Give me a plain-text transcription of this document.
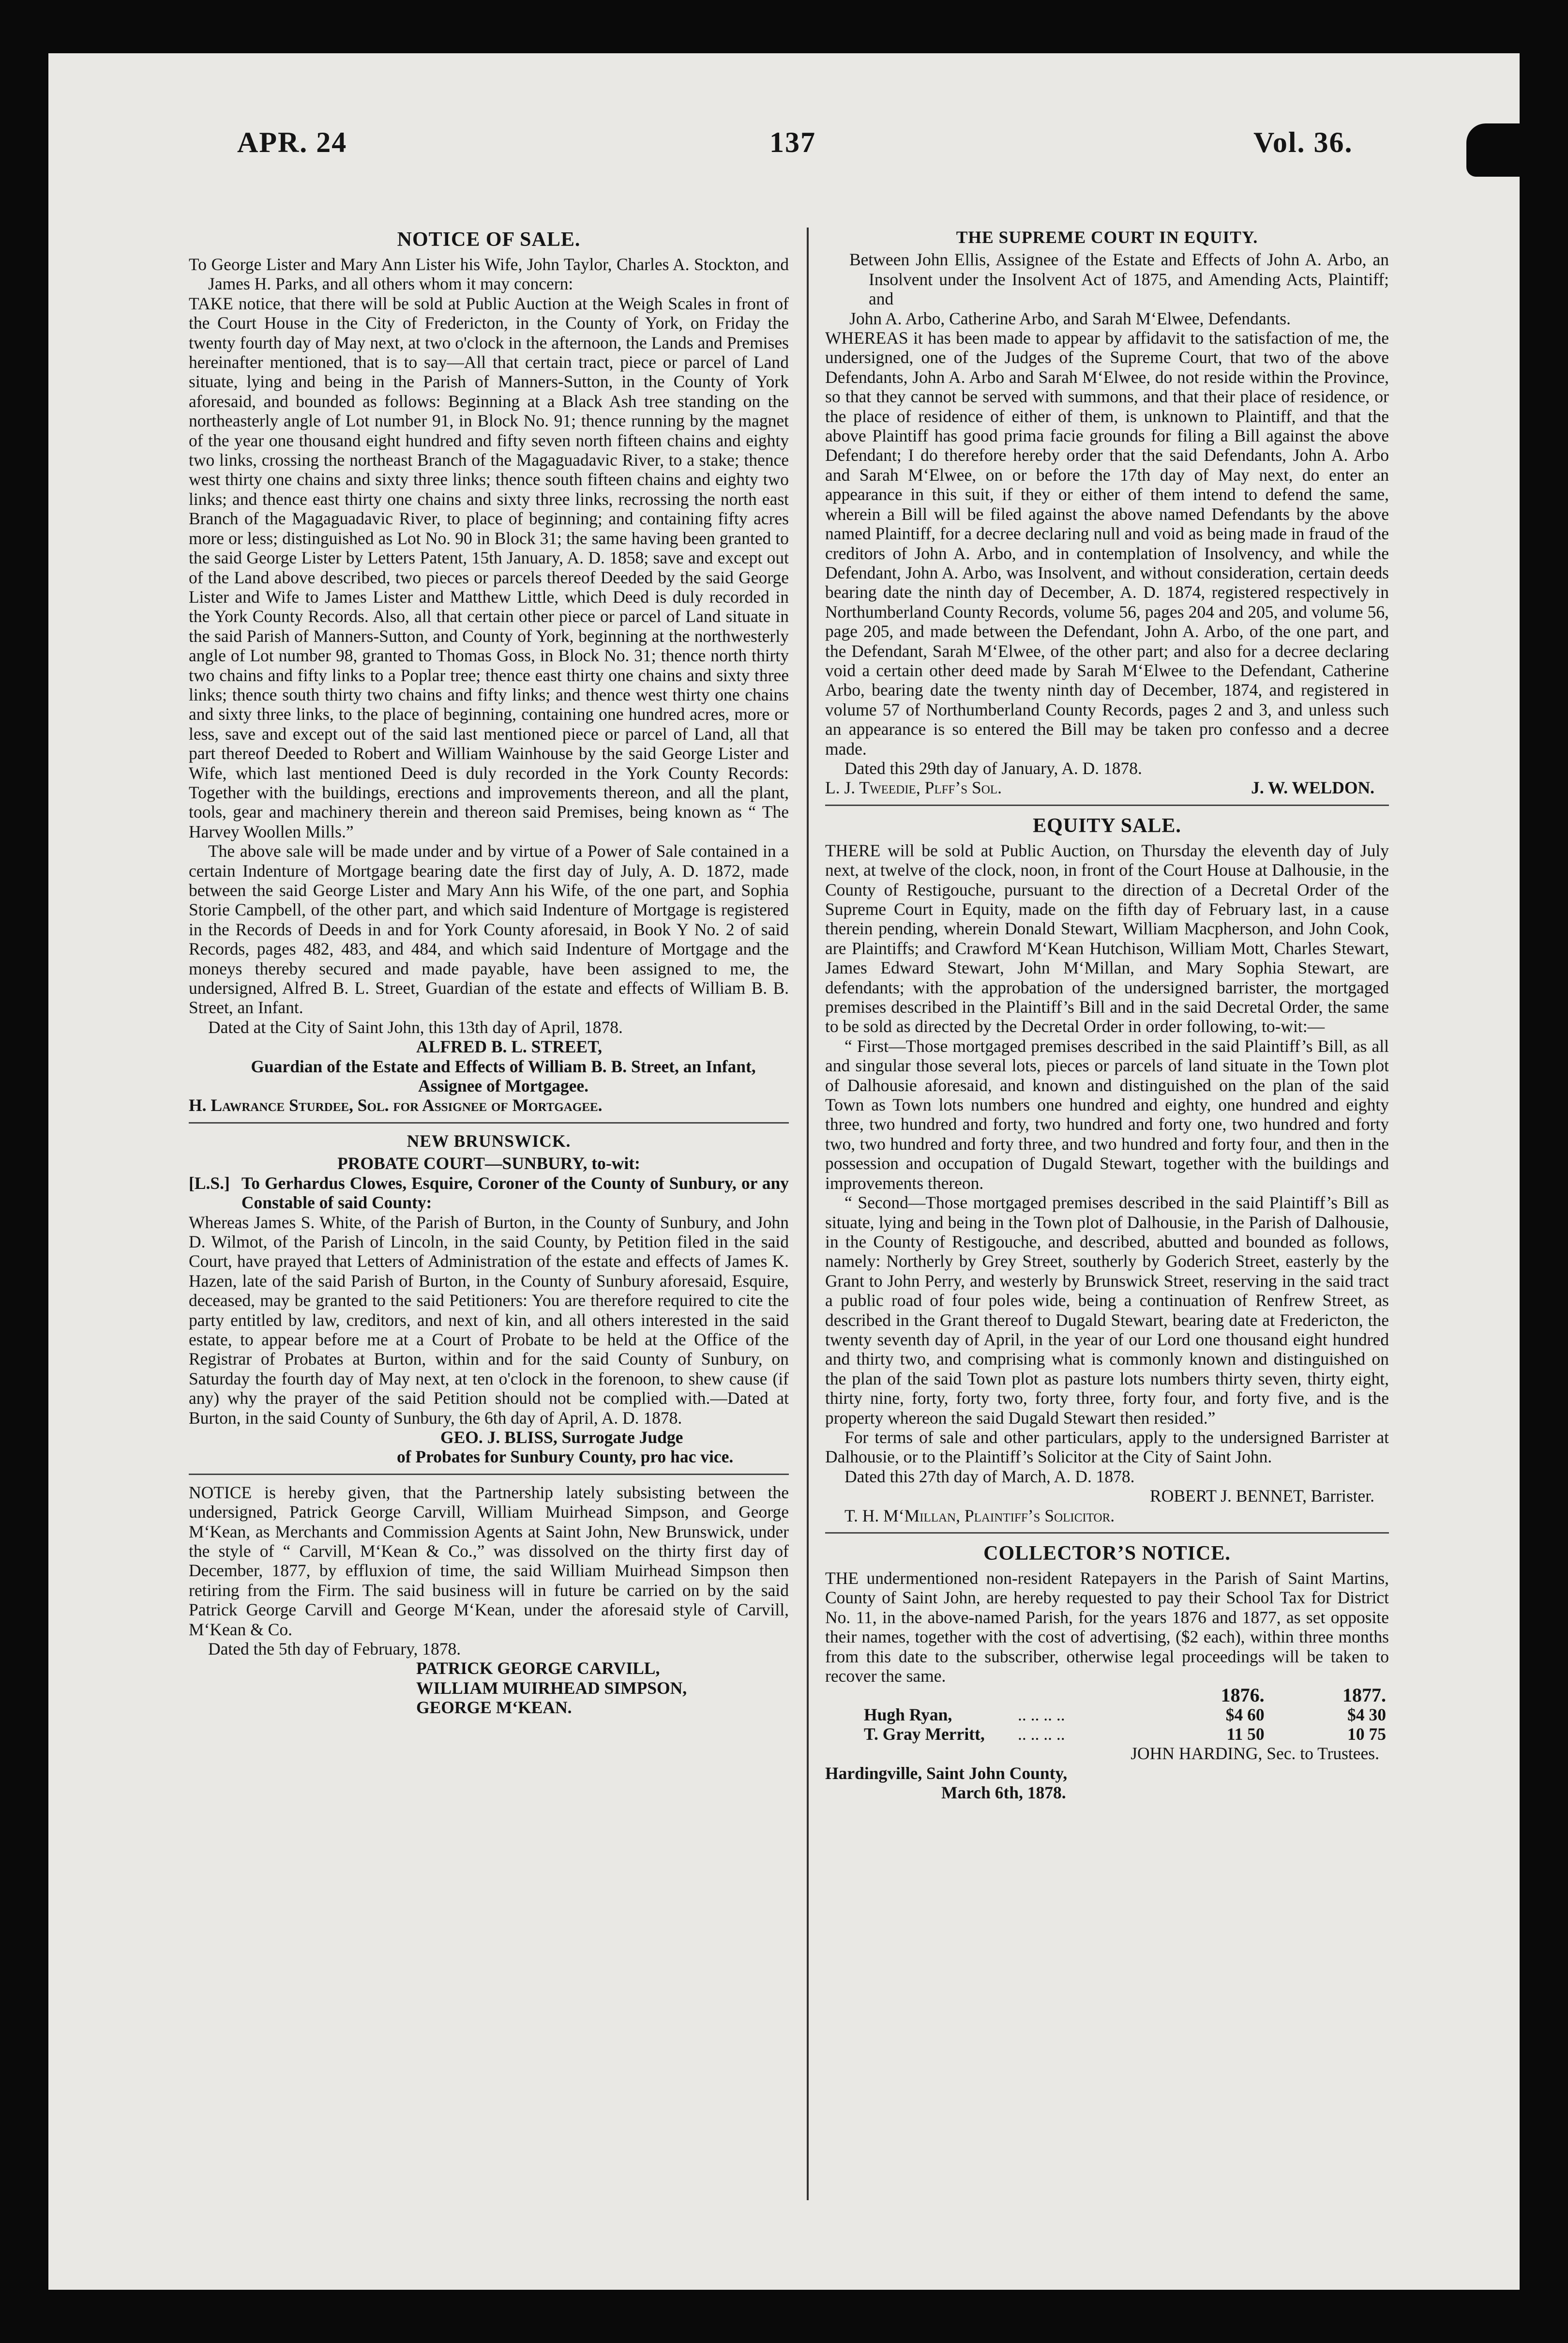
APR. 24	137	Vol. 36.

NOTICE OF SALE.

To George Lister and Mary Ann Lister his Wife, John Taylor, Charles A. Stockton, and James H. Parks, and all others whom it may concern:

TAKE notice, that there will be sold at Public Auction at the Weigh Scales in front of the Court House in the City of Fredericton, in the County of York, on Friday the twenty fourth day of May next, at two o'clock in the afternoon, the Lands and Premises hereinafter mentioned, that is to say—All that certain tract, piece or parcel of Land situate, lying and being in the Parish of Manners-Sutton, in the County of York aforesaid, and bounded as follows: Beginning at a Black Ash tree standing on the northeasterly angle of Lot number 91, in Block No. 91; thence running by the magnet of the year one thousand eight hundred and fifty seven north fifteen chains and eighty two links, crossing the northeast Branch of the Magaguadavic River, to a stake; thence west thirty one chains and sixty three links; thence south fifteen chains and eighty two links; and thence east thirty one chains and sixty three links, recrossing the north east Branch of the Magaguadavic River, to place of beginning; and containing fifty acres more or less; distinguished as Lot No. 90 in Block 31; the same having been granted to the said George Lister by Letters Patent, 15th January, A. D. 1858; save and except out of the Land above described, two pieces or parcels thereof Deeded by the said George Lister and Wife to James Lister and Matthew Little, which Deed is duly recorded in the York County Records. Also, all that certain other piece or parcel of Land situate in the said Parish of Manners-Sutton, and County of York, beginning at the northwesterly angle of Lot number 98, granted to Thomas Goss, in Block No. 31; thence north thirty two chains and fifty links to a Poplar tree; thence east thirty one chains and sixty three links; thence south thirty two chains and fifty links; and thence west thirty one chains and sixty three links, to the place of beginning, containing one hundred acres, more or less, save and except out of the said last mentioned piece or parcel of Land, all that part thereof Deeded to Robert and William Wainhouse by the said George Lister and Wife, which last mentioned Deed is duly recorded in the York County Records: Together with the buildings, erections and improvements thereon, and all the plant, tools, gear and machinery therein and thereon said Premises, being known as “ The Harvey Woollen Mills.”

The above sale will be made under and by virtue of a Power of Sale contained in a certain Indenture of Mortgage bearing date the first day of July, A. D. 1872, made between the said George Lister and Mary Ann his Wife, of the one part, and Sophia Storie Campbell, of the other part, and which said Indenture of Mortgage is registered in the Records of Deeds in and for York County aforesaid, in Book Y No. 2 of said Records, pages 482, 483, and 484, and which said Indenture of Mortgage and the moneys thereby secured and made payable, have been assigned to me, the undersigned, Alfred B. L. Street, Guardian of the estate and effects of William B. B. Street, an Infant.

Dated at the City of Saint John, this 13th day of April, 1878.

ALFRED B. L. STREET,

Guardian of the Estate and Effects of William B. B. Street, an Infant, Assignee of Mortgagee.

H. Lawrance Sturdee, Sol. for Assignee of Mortgagee.

NEW BRUNSWICK.

PROBATE COURT—SUNBURY, to-wit:

[L.S.] To Gerhardus Clowes, Esquire, Coroner of the County of Sunbury, or any Constable of said County:

Whereas James S. White, of the Parish of Burton, in the County of Sunbury, and John D. Wilmot, of the Parish of Lincoln, in the said County, by Petition filed in the said Court, have prayed that Letters of Administration of the estate and effects of James K. Hazen, late of the said Parish of Burton, in the County of Sunbury aforesaid, Esquire, deceased, may be granted to the said Petitioners: You are therefore required to cite the party entitled by law, creditors, and next of kin, and all others interested in the said estate, to appear before me at a Court of Probate to be held at the Office of the Registrar of Probates at Burton, within and for the said County of Sunbury, on Saturday the fourth day of May next, at ten o'clock in the forenoon, to shew cause (if any) why the prayer of the said Petition should not be complied with.—Dated at Burton, in the said County of Sunbury, the 6th day of April, A. D. 1878.

GEO. J. BLISS, Surrogate Judge

of Probates for Sunbury County, pro hac vice.

NOTICE is hereby given, that the Partnership lately subsisting between the undersigned, Patrick George Carvill, William Muirhead Simpson, and George M‘Kean, as Merchants and Commission Agents at Saint John, New Brunswick, under the style of “ Carvill, M‘Kean & Co.,” was dissolved on the thirty first day of December, 1877, by effluxion of time, the said William Muirhead Simpson then retiring from the Firm. The said business will in future be carried on by the said Patrick George Carvill and George M‘Kean, under the aforesaid style of Carvill, M‘Kean & Co.

Dated the 5th day of February, 1878.

PATRICK GEORGE CARVILL,

WILLIAM MUIRHEAD SIMPSON,

GEORGE M‘KEAN.

THE SUPREME COURT IN EQUITY.

Between John Ellis, Assignee of the Estate and Effects of John A. Arbo, an Insolvent under the Insolvent Act of 1875, and Amending Acts, Plaintiff; and

John A. Arbo, Catherine Arbo, and Sarah M‘Elwee, Defendants.

WHEREAS it has been made to appear by affidavit to the satisfaction of me, the undersigned, one of the Judges of the Supreme Court, that two of the above Defendants, John A. Arbo and Sarah M‘Elwee, do not reside within the Province, so that they cannot be served with summons, and that their place of residence, or the place of residence of either of them, is unknown to Plaintiff, and that the above Plaintiff has good prima facie grounds for filing a Bill against the above Defendant; I do therefore hereby order that the said Defendants, John A. Arbo and Sarah M‘Elwee, on or before the 17th day of May next, do enter an appearance in this suit, if they or either of them intend to defend the same, wherein a Bill will be filed against the above named Defendants by the above named Plaintiff, for a decree declaring null and void as being made in fraud of the creditors of John A. Arbo, and in contemplation of Insolvency, and while the Defendant, John A. Arbo, was Insolvent, and without consideration, certain deeds bearing date the ninth day of December, A. D. 1874, registered respectively in Northumberland County Records, volume 56, pages 204 and 205, and volume 56, page 205, and made between the Defendant, John A. Arbo, of the one part, and the Defendant, Sarah M‘Elwee, of the other part; and also for a decree declaring void a certain other deed made by Sarah M‘Elwee to the Defendant, Catherine Arbo, bearing date the twenty ninth day of December, 1874, and registered in volume 57 of Northumberland County Records, pages 2 and 3, and unless such an appearance is so entered the Bill may be taken pro confesso and a decree made.

Dated this 29th day of January, A. D. 1878.

L. J. Tweedie, Plff’s Sol.	J. W. WELDON.

EQUITY SALE.

THERE will be sold at Public Auction, on Thursday the eleventh day of July next, at twelve of the clock, noon, in front of the Court House at Dalhousie, in the County of Restigouche, pursuant to the direction of a Decretal Order of the Supreme Court in Equity, made on the fifth day of February last, in a cause therein pending, wherein Donald Stewart, William Macpherson, and John Cook, are Plaintiffs; and Crawford M‘Kean Hutchison, William Mott, Charles Stewart, James Edward Stewart, John M‘Millan, and Mary Sophia Stewart, are defendants; with the approbation of the undersigned barrister, the mortgaged premises described in the Plaintiff’s Bill and in the said Decretal Order, the same to be sold as directed by the Decretal Order in order following, to-wit:—

“ First—Those mortgaged premises described in the said Plaintiff’s Bill, as all and singular those several lots, pieces or parcels of land situate in the Town plot of Dalhousie aforesaid, and known and distinguished on the plan of the said Town as Town lots numbers one hundred and eighty, one hundred and eighty three, two hundred and forty, two hundred and forty one, two hundred and forty two, two hundred and forty three, and two hundred and forty four, and then in the possession and occupation of Dugald Stewart, together with the buildings and improvements thereon.

“ Second—Those mortgaged premises described in the said Plaintiff’s Bill as situate, lying and being in the Town plot of Dalhousie, in the Parish of Dalhousie, in the County of Restigouche, and described, abutted and bounded as follows, namely: Northerly by Grey Street, southerly by Goderich Street, easterly by the Grant to John Perry, and westerly by Brunswick Street, reserving in the said tract a public road of four poles wide, being a continuation of Renfrew Street, as described in the Grant thereof to Dugald Stewart, bearing date at Fredericton, the twenty seventh day of April, in the year of our Lord one thousand eight hundred and thirty two, and comprising what is commonly known and distinguished on the plan of the said Town plot as pasture lots numbers thirty seven, thirty eight, thirty nine, forty, forty two, forty three, forty four, and forty five, and is the property whereon the said Dugald Stewart then resided.”

For terms of sale and other particulars, apply to the undersigned Barrister at Dalhousie, or to the Plaintiff’s Solicitor at the City of Saint John.

Dated this 27th day of March, A. D. 1878.

ROBERT J. BENNET, Barrister.

T. H. M‘Millan, Plaintiff’s Solicitor.

COLLECTOR’S NOTICE.

THE undermentioned non-resident Ratepayers in the Parish of Saint Martins, County of Saint John, are hereby requested to pay their School Tax for District No. 11, in the above-named Parish, for the years 1876 and 1877, as set opposite their names, together with the cost of advertising, ($2 each), within three months from this date to the subscriber, otherwise legal proceedings will be taken to recover the same.

		1876.	1877.
Hugh Ryan,	.. .. .. ..	$4 60	$4 30
T. Gray Merritt,	.. .. .. ..	11 50	10 75

JOHN HARDING, Sec. to Trustees.

Hardingville, Saint John County,

March 6th, 1878.
